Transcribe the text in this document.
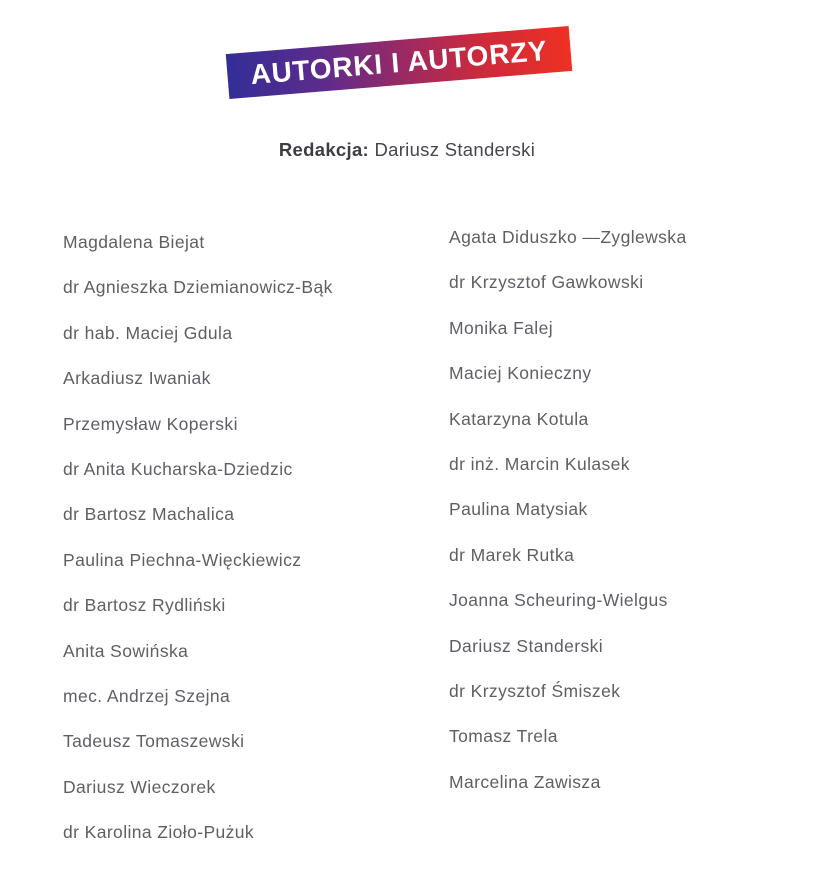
AUTORKI I AUTORZY
Redakcja: Dariusz Standerski
Magdalena Biejat
dr Agnieszka Dziemianowicz-Bąk
dr hab. Maciej Gdula
Arkadiusz Iwaniak
Przemysław Koperski
dr Anita Kucharska-Dziedzic
dr Bartosz Machalica
Paulina Piechna-Więckiewicz
dr Bartosz Rydliński
Anita Sowińska
mec. Andrzej Szejna
Tadeusz Tomaszewski
Dariusz Wieczorek
dr Karolina Zioło-Pużuk
Agata Diduszko —Zyglewska
dr Krzysztof Gawkowski
Monika Falej
Maciej Konieczny
Katarzyna Kotula
dr inż. Marcin Kulasek
Paulina Matysiak
dr Marek Rutka
Joanna Scheuring-Wielgus
Dariusz Standerski
dr Krzysztof Śmiszek
Tomasz Trela
Marcelina Zawisza
